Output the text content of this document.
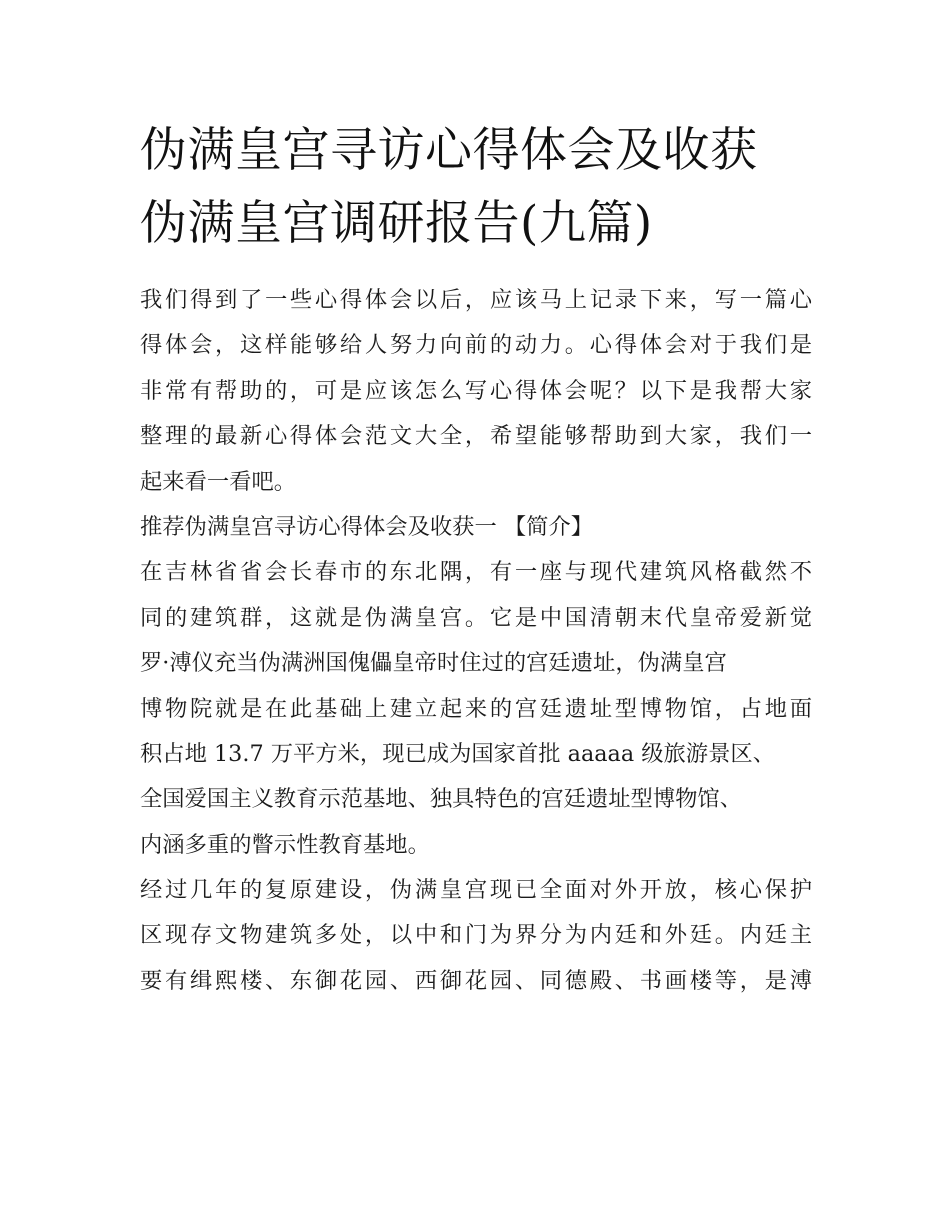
伪满皇宫寻访心得体会及收获
伪满皇宫调研报告(九篇)
我们得到了一些心得体会以后，应该马上记录下来，写一篇心
得体会，这样能够给人努力向前的动力。心得体会对于我们是
非常有帮助的，可是应该怎么写心得体会呢？以下是我帮大家
整理的最新心得体会范文大全，希望能够帮助到大家，我们一
起来看一看吧。
推荐伪满皇宫寻访心得体会及收获一 【简介】
在吉林省省会长春市的东北隅，有一座与现代建筑风格截然不
同的建筑群，这就是伪满皇宫。它是中国清朝末代皇帝爱新觉
罗·溥仪充当伪满洲国傀儡皇帝时住过的宫廷遗址，伪满皇宫
博物院就是在此基础上建立起来的宫廷遗址型博物馆，占地面
积占地 13.7 万平方米，现已成为国家首批 aaaaa 级旅游景区、
全国爱国主义教育示范基地、独具特色的宫廷遗址型博物馆、
内涵多重的瞥示性教育基地。
经过几年的复原建设，伪满皇宫现已全面对外开放，核心保护
区现存文物建筑多处，以中和门为界分为内廷和外廷。内廷主
要有缉熙楼、东御花园、西御花园、同德殿、书画楼等，是溥
